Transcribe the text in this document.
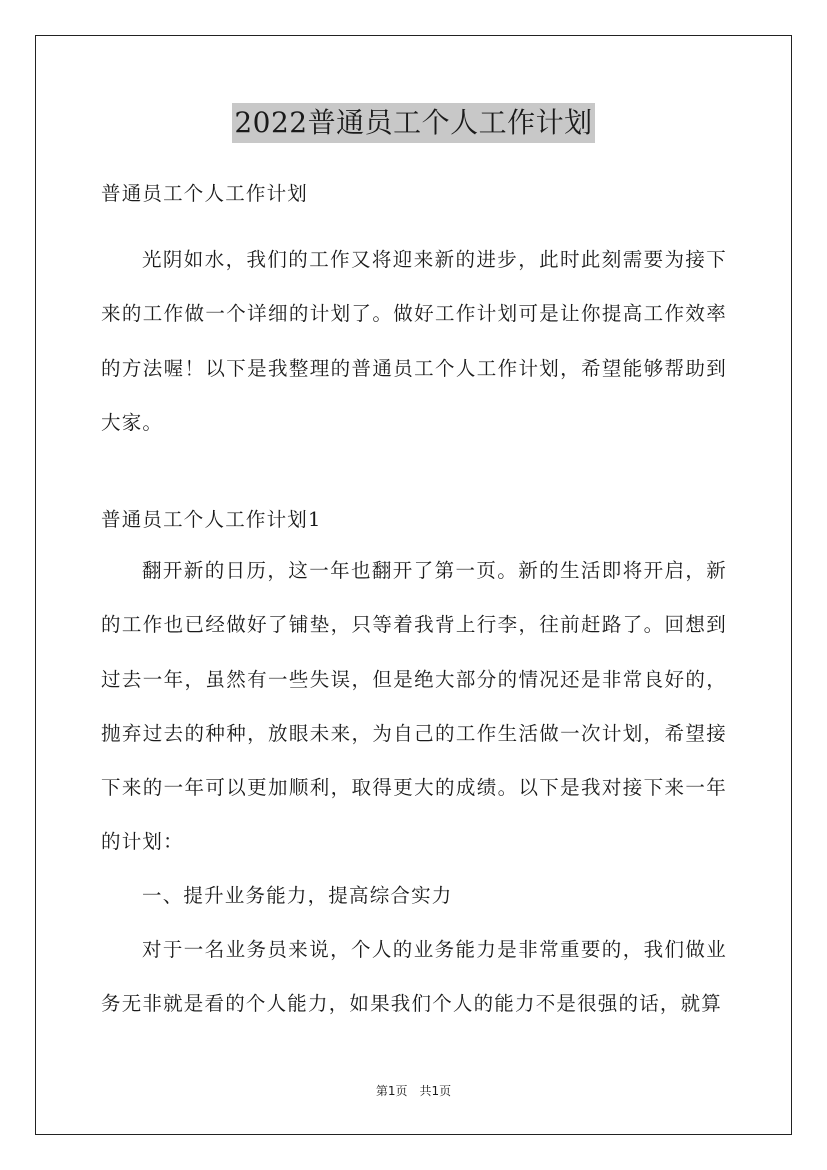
2022普通员工个人工作计划
普通员工个人工作计划

光阴如水，我们的工作又将迎来新的进步，此时此刻需要为接下来的工作做一个详细的计划了。做好工作计划可是让你提高工作效率的方法喔！以下是我整理的普通员工个人工作计划，希望能够帮助到大家。

普通员工个人工作计划1

翻开新的日历，这一年也翻开了第一页。新的生活即将开启，新的工作也已经做好了铺垫，只等着我背上行李，往前赶路了。回想到过去一年，虽然有一些失误，但是绝大部分的情况还是非常良好的，抛弃过去的种种，放眼未来，为自己的工作生活做一次计划，希望接下来的一年可以更加顺利，取得更大的成绩。以下是我对接下来一年的计划：

一、提升业务能力，提高综合实力

对于一名业务员来说，个人的业务能力是非常重要的，我们做业务无非就是看的个人能力，如果我们个人的能力不是很强的话，就算

第1页　共1页
